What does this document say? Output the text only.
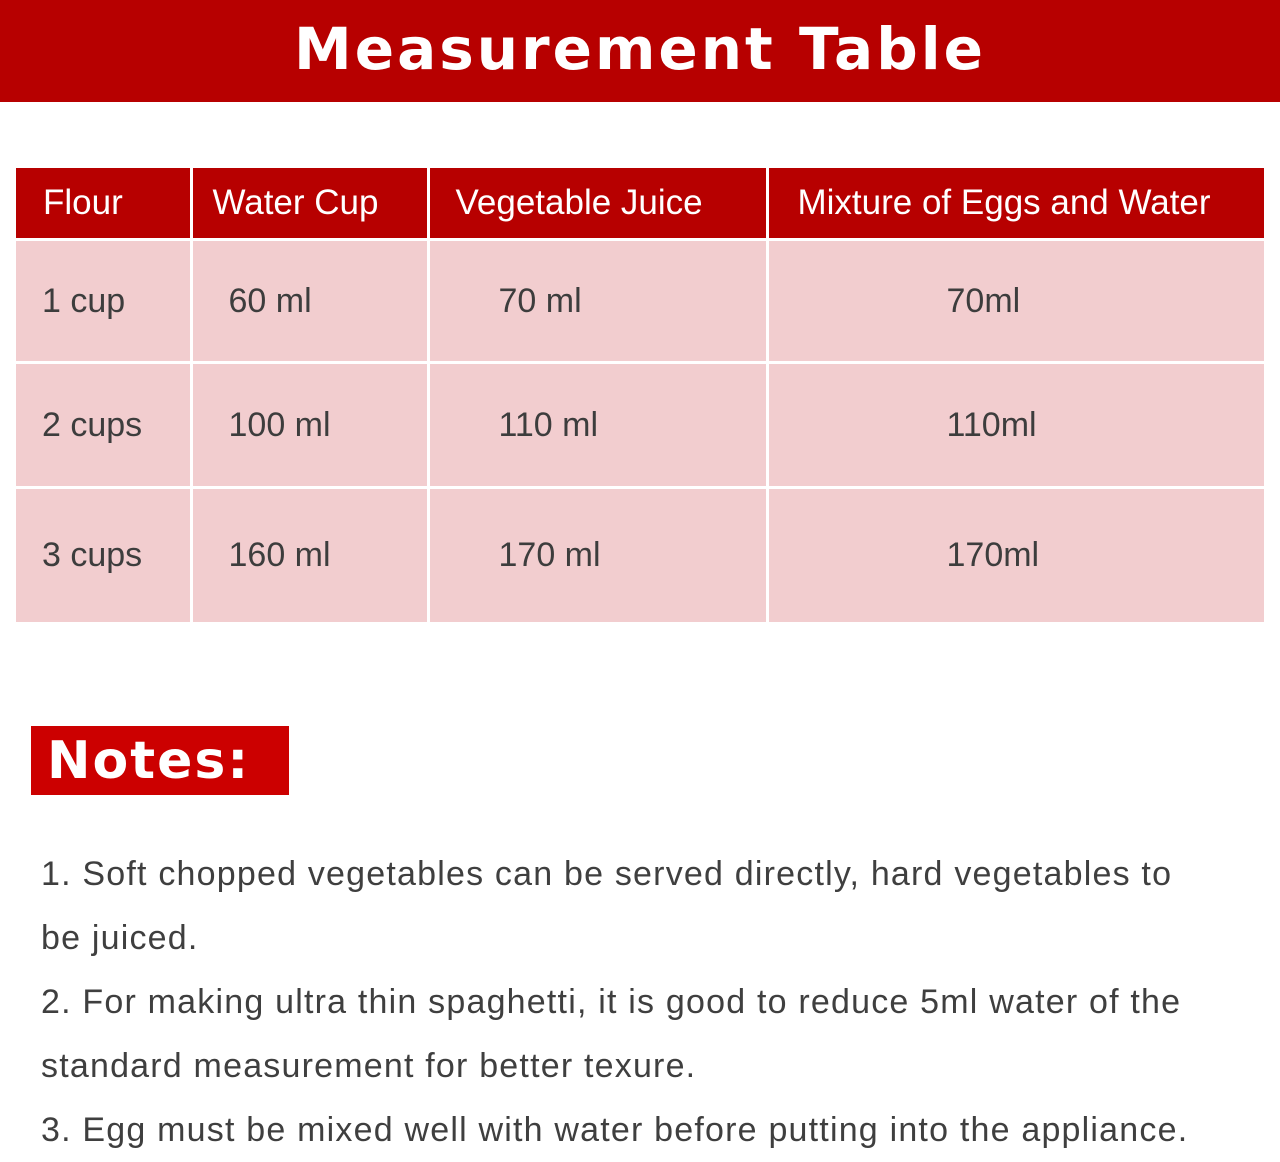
Measurement Table
Flour	Water Cup	Vegetable Juice	Mixture of Eggs and Water
1 cup	60 ml	70 ml	70ml
2 cups	100 ml	110 ml	110ml
3 cups	160 ml	170 ml	170ml
Notes:
1. Soft chopped vegetables can be served directly, hard vegetables to
be juiced.
2. For making ultra thin spaghetti, it is good to reduce 5ml water of the
standard measurement for better texure.
3. Egg must be mixed well with water before putting into the appliance.
